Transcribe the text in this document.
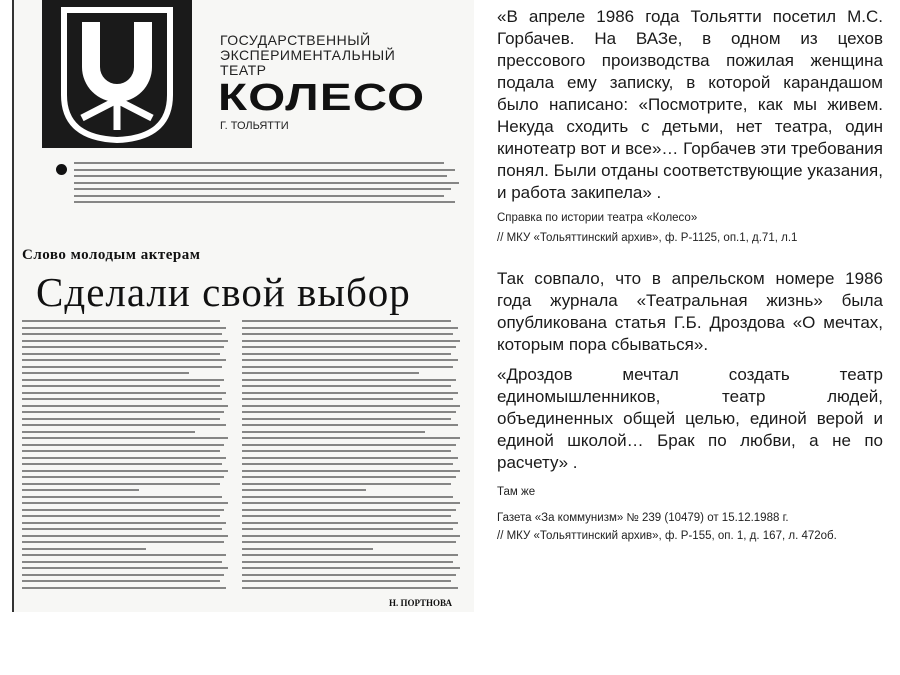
ГОСУДАРСТВЕННЫЙ
ЭКСПЕРИМЕНТАЛЬНЫЙ
ТЕАТР
КОЛЕСО
Г. ТОЛЬЯТТИ
Слово молодым актерам
Сделали свой выбор
Н. ПОРТНОВА
«В апреле 1986 года Тольятти посетил М.С. Горбачев. На ВАЗе, в одном из цехов прессового производства пожилая женщина подала ему записку, в которой карандашом было написано: «Посмотрите, как мы живем. Некуда сходить с детьми, нет театра, один кинотеатр вот и все»… Горбачев эти требования понял. Были отданы соответствующие указания, и работа закипела» .
Справка по истории театра «Колесо»
// МКУ «Тольяттинский архив», ф. Р-1125, оп.1, д.71, л.1
Так совпало, что в апрельском номере 1986 года журнала «Театральная жизнь» была опубликована статья Г.Б. Дроздова «О мечтах, которым пора сбываться».
«Дроздов мечтал создать театр единомышленников, театр людей, объединенных общей целью, единой верой и единой школой… Брак по любви, а не по расчету» .
Там же
Газета «За коммунизм» № 239 (10479) от 15.12.1988 г.
// МКУ «Тольяттинский архив», ф. Р-155, оп. 1, д. 167, л. 472об.
